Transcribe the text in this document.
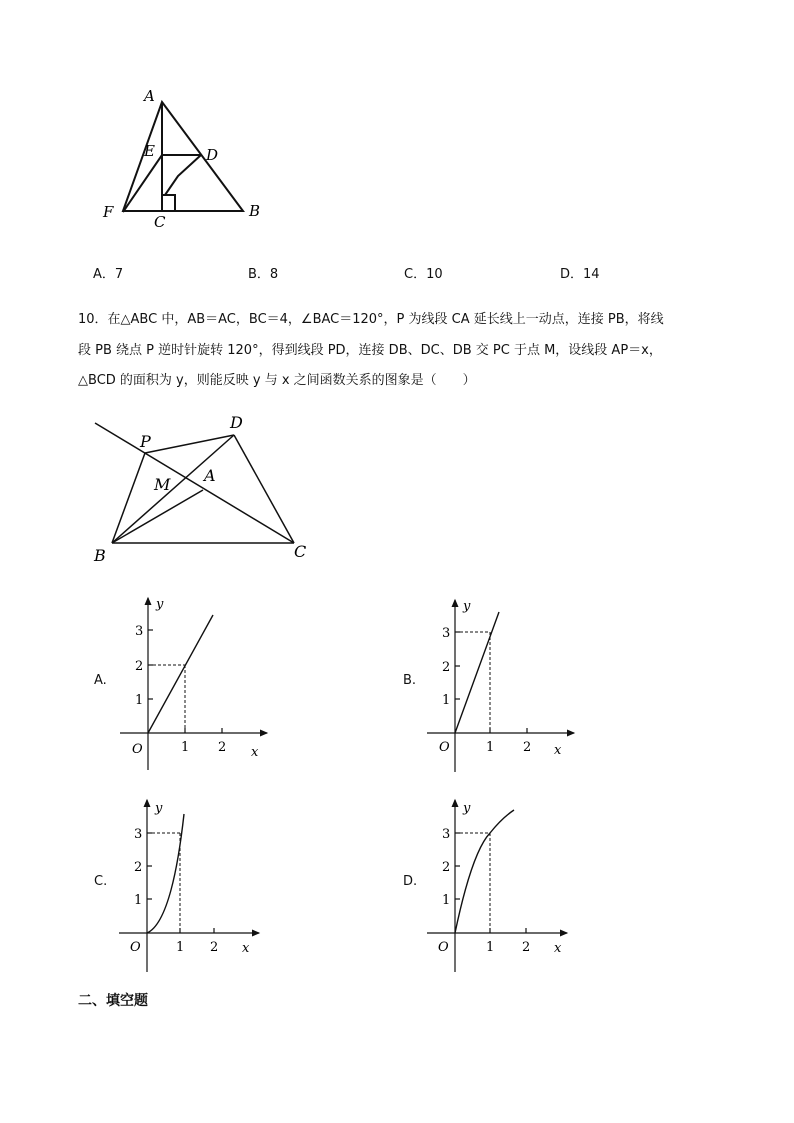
A
E	D
F
C
B
A．7	B．8	C．10	D．14
10．在△ABC 中，AB＝AC，BC＝4，∠BAC＝120°，P 为线段 CA 延长线上一动点，连接 PB，将线
段 PB 绕点 P 逆时针旋转 120°，得到线段 PD，连接 DB、DC、DB 交 PC 于点 M，设线段 AP＝x，
△BCD 的面积为 y，则能反映 y 与 x 之间函数关系的图象是（　　）
P
D
M A
B	C
A.
y
x
O	1 2
1
2
3
B.
y
x
O	1 2
1
2
3
C.
y
x
O	1 2
1
2
3
D.
y
x
O	1 2
1
2
3
二、填空题
